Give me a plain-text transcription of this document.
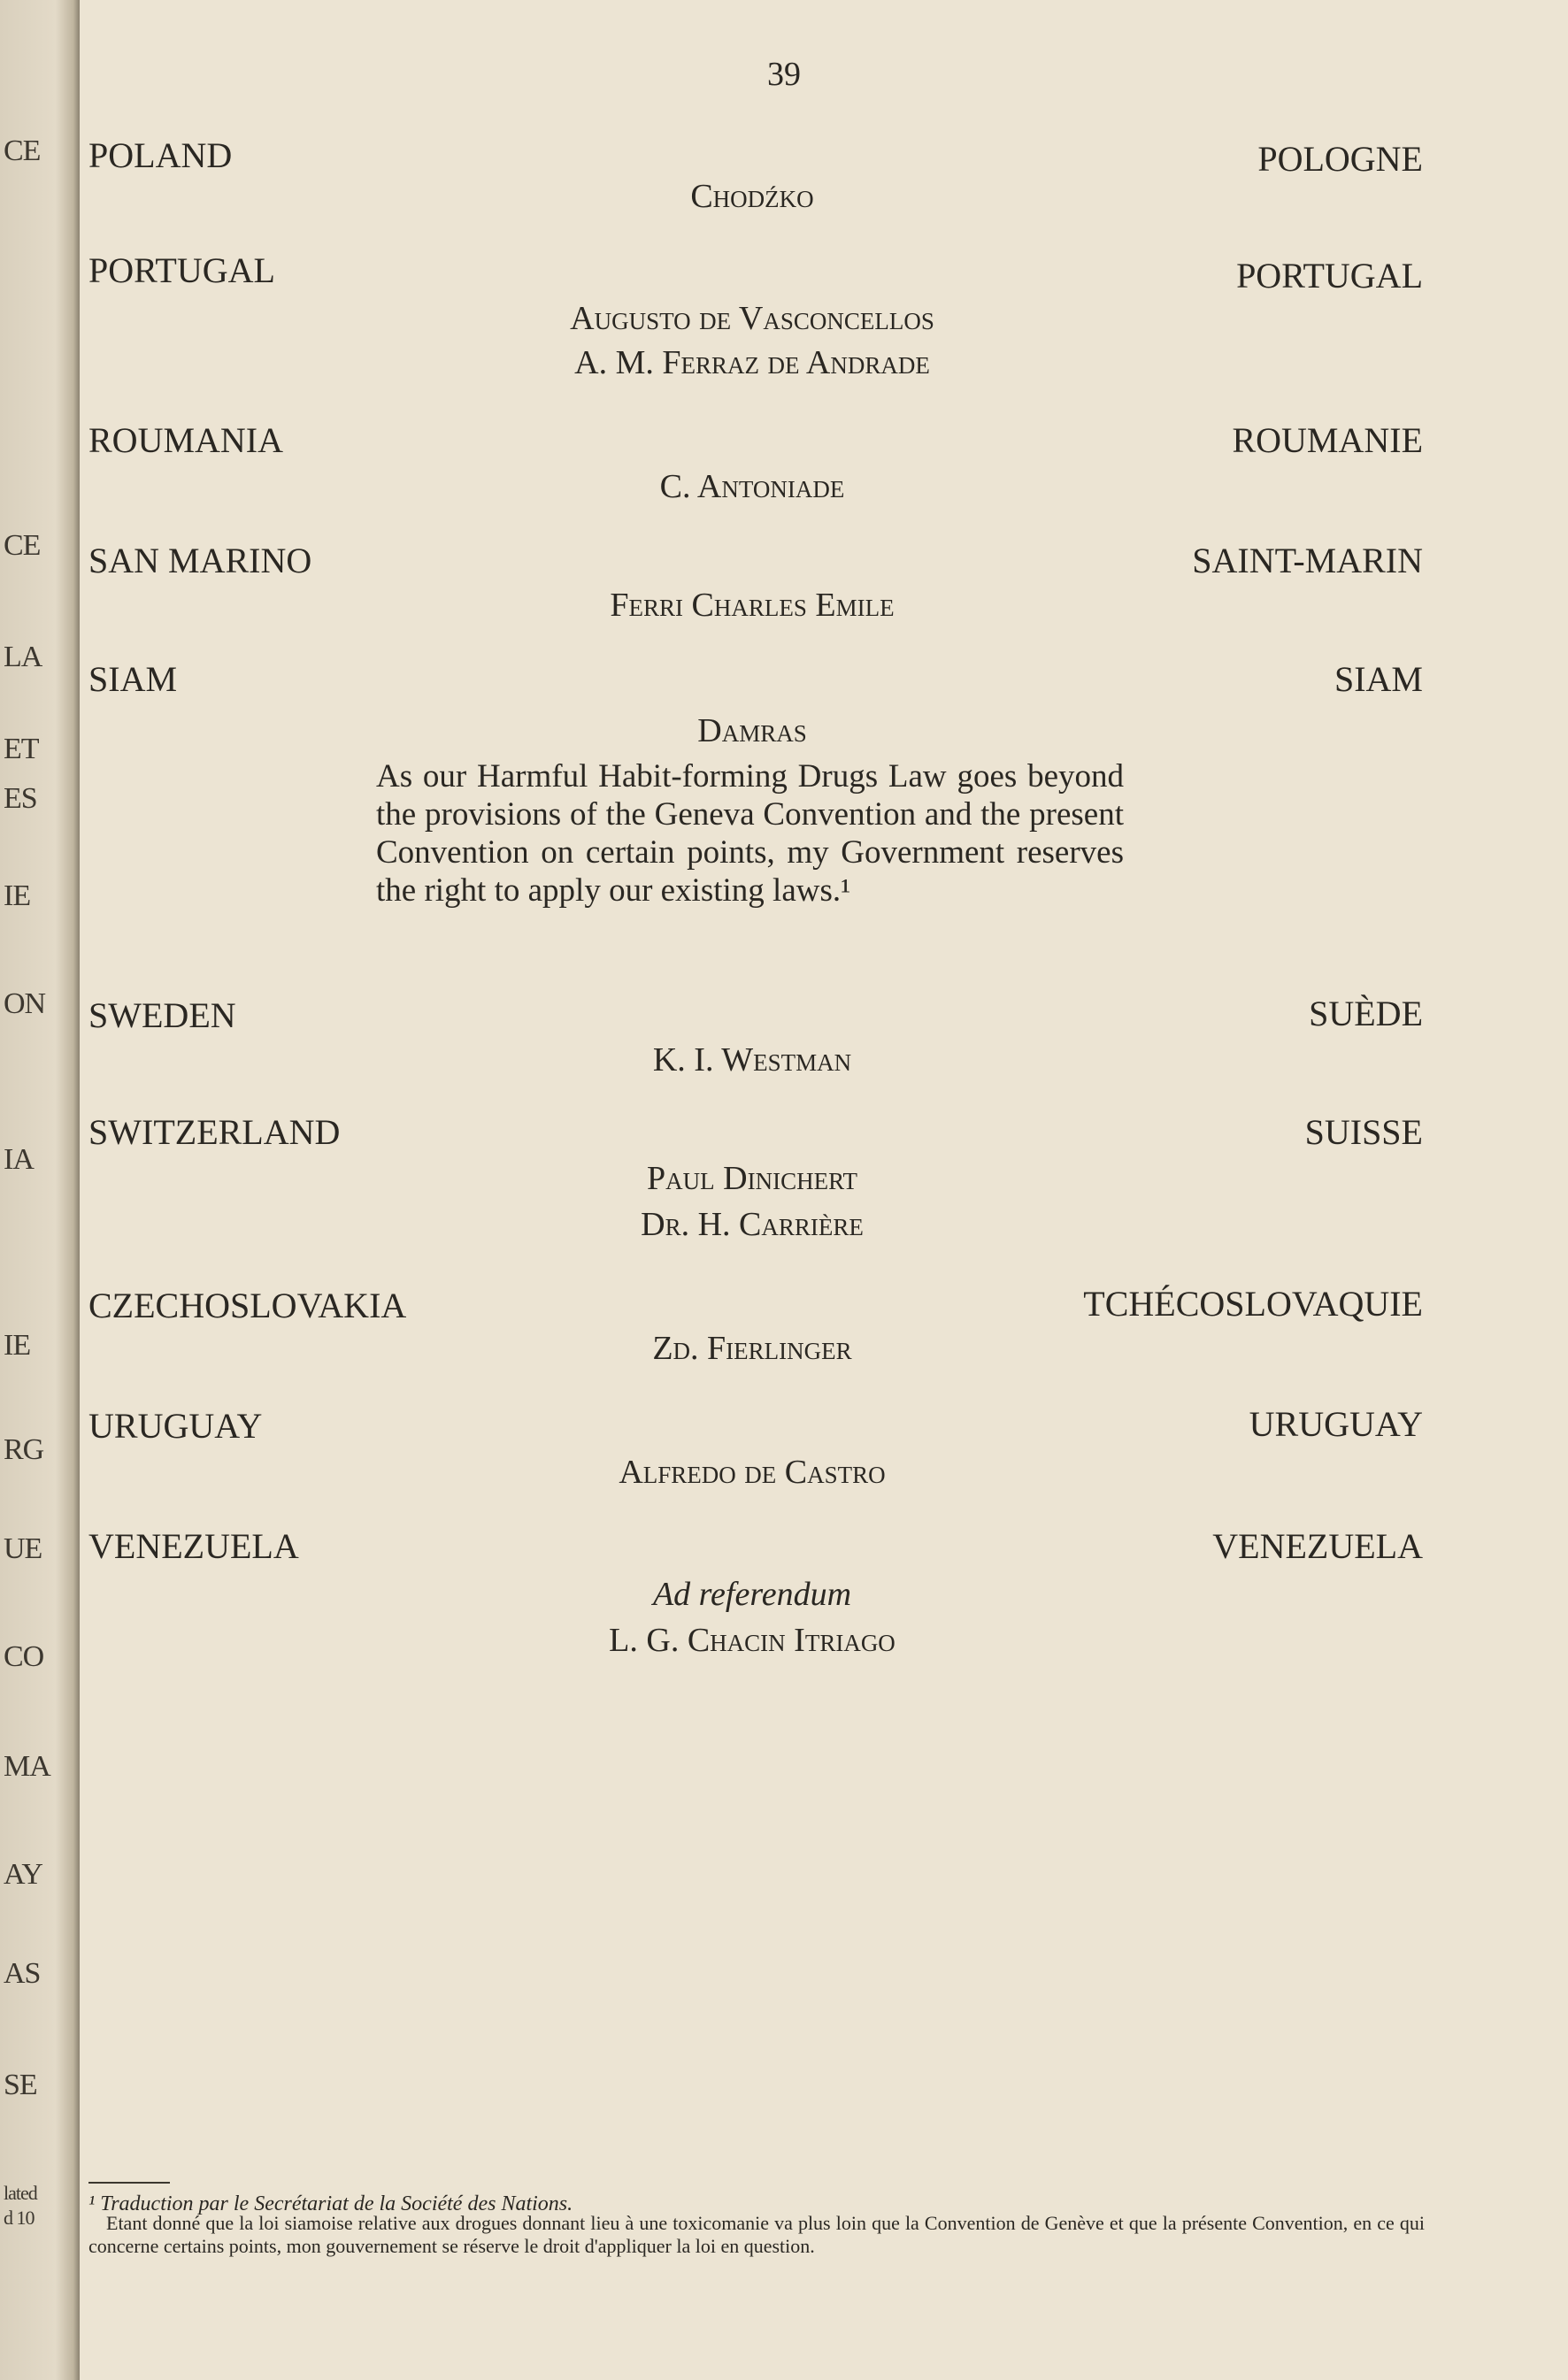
CE
CE
LA
ET
ES
IE
ON
IA
IE
RG
UE
CO
MA
AY
AS
SE
lated
d 10
39
POLAND	POLOGNE
Chodźko
PORTUGAL	PORTUGAL
Augusto de Vasconcellos
A. M. Ferraz de Andrade
ROUMANIA	ROUMANIE
C. Antoniade
SAN MARINO	SAINT-MARIN
Ferri Charles Emile
SIAM	SIAM
Damras
As our Harmful Habit-forming Drugs Law goes beyond the provisions of the Geneva Convention and the present Convention on certain points, my Government reserves the right to apply our existing laws.¹
SWEDEN	SUÈDE
K. I. Westman
SWITZERLAND	SUISSE
Paul Dinichert
Dr. H. Carrière
CZECHOSLOVAKIA	TCHÉCOSLOVAQUIE
Zd. Fierlinger
URUGUAY	URUGUAY
Alfredo de Castro
VENEZUELA	VENEZUELA
Ad referendum
L. G. Chacin Itriago
¹ Traduction par le Secrétariat de la Société des Nations.
Etant donné que la loi siamoise relative aux drogues donnant lieu à une toxicomanie va plus loin que la Convention de Genève et que la présente Convention, en ce qui concerne certains points, mon gouvernement se réserve le droit d'appliquer la loi en question.
